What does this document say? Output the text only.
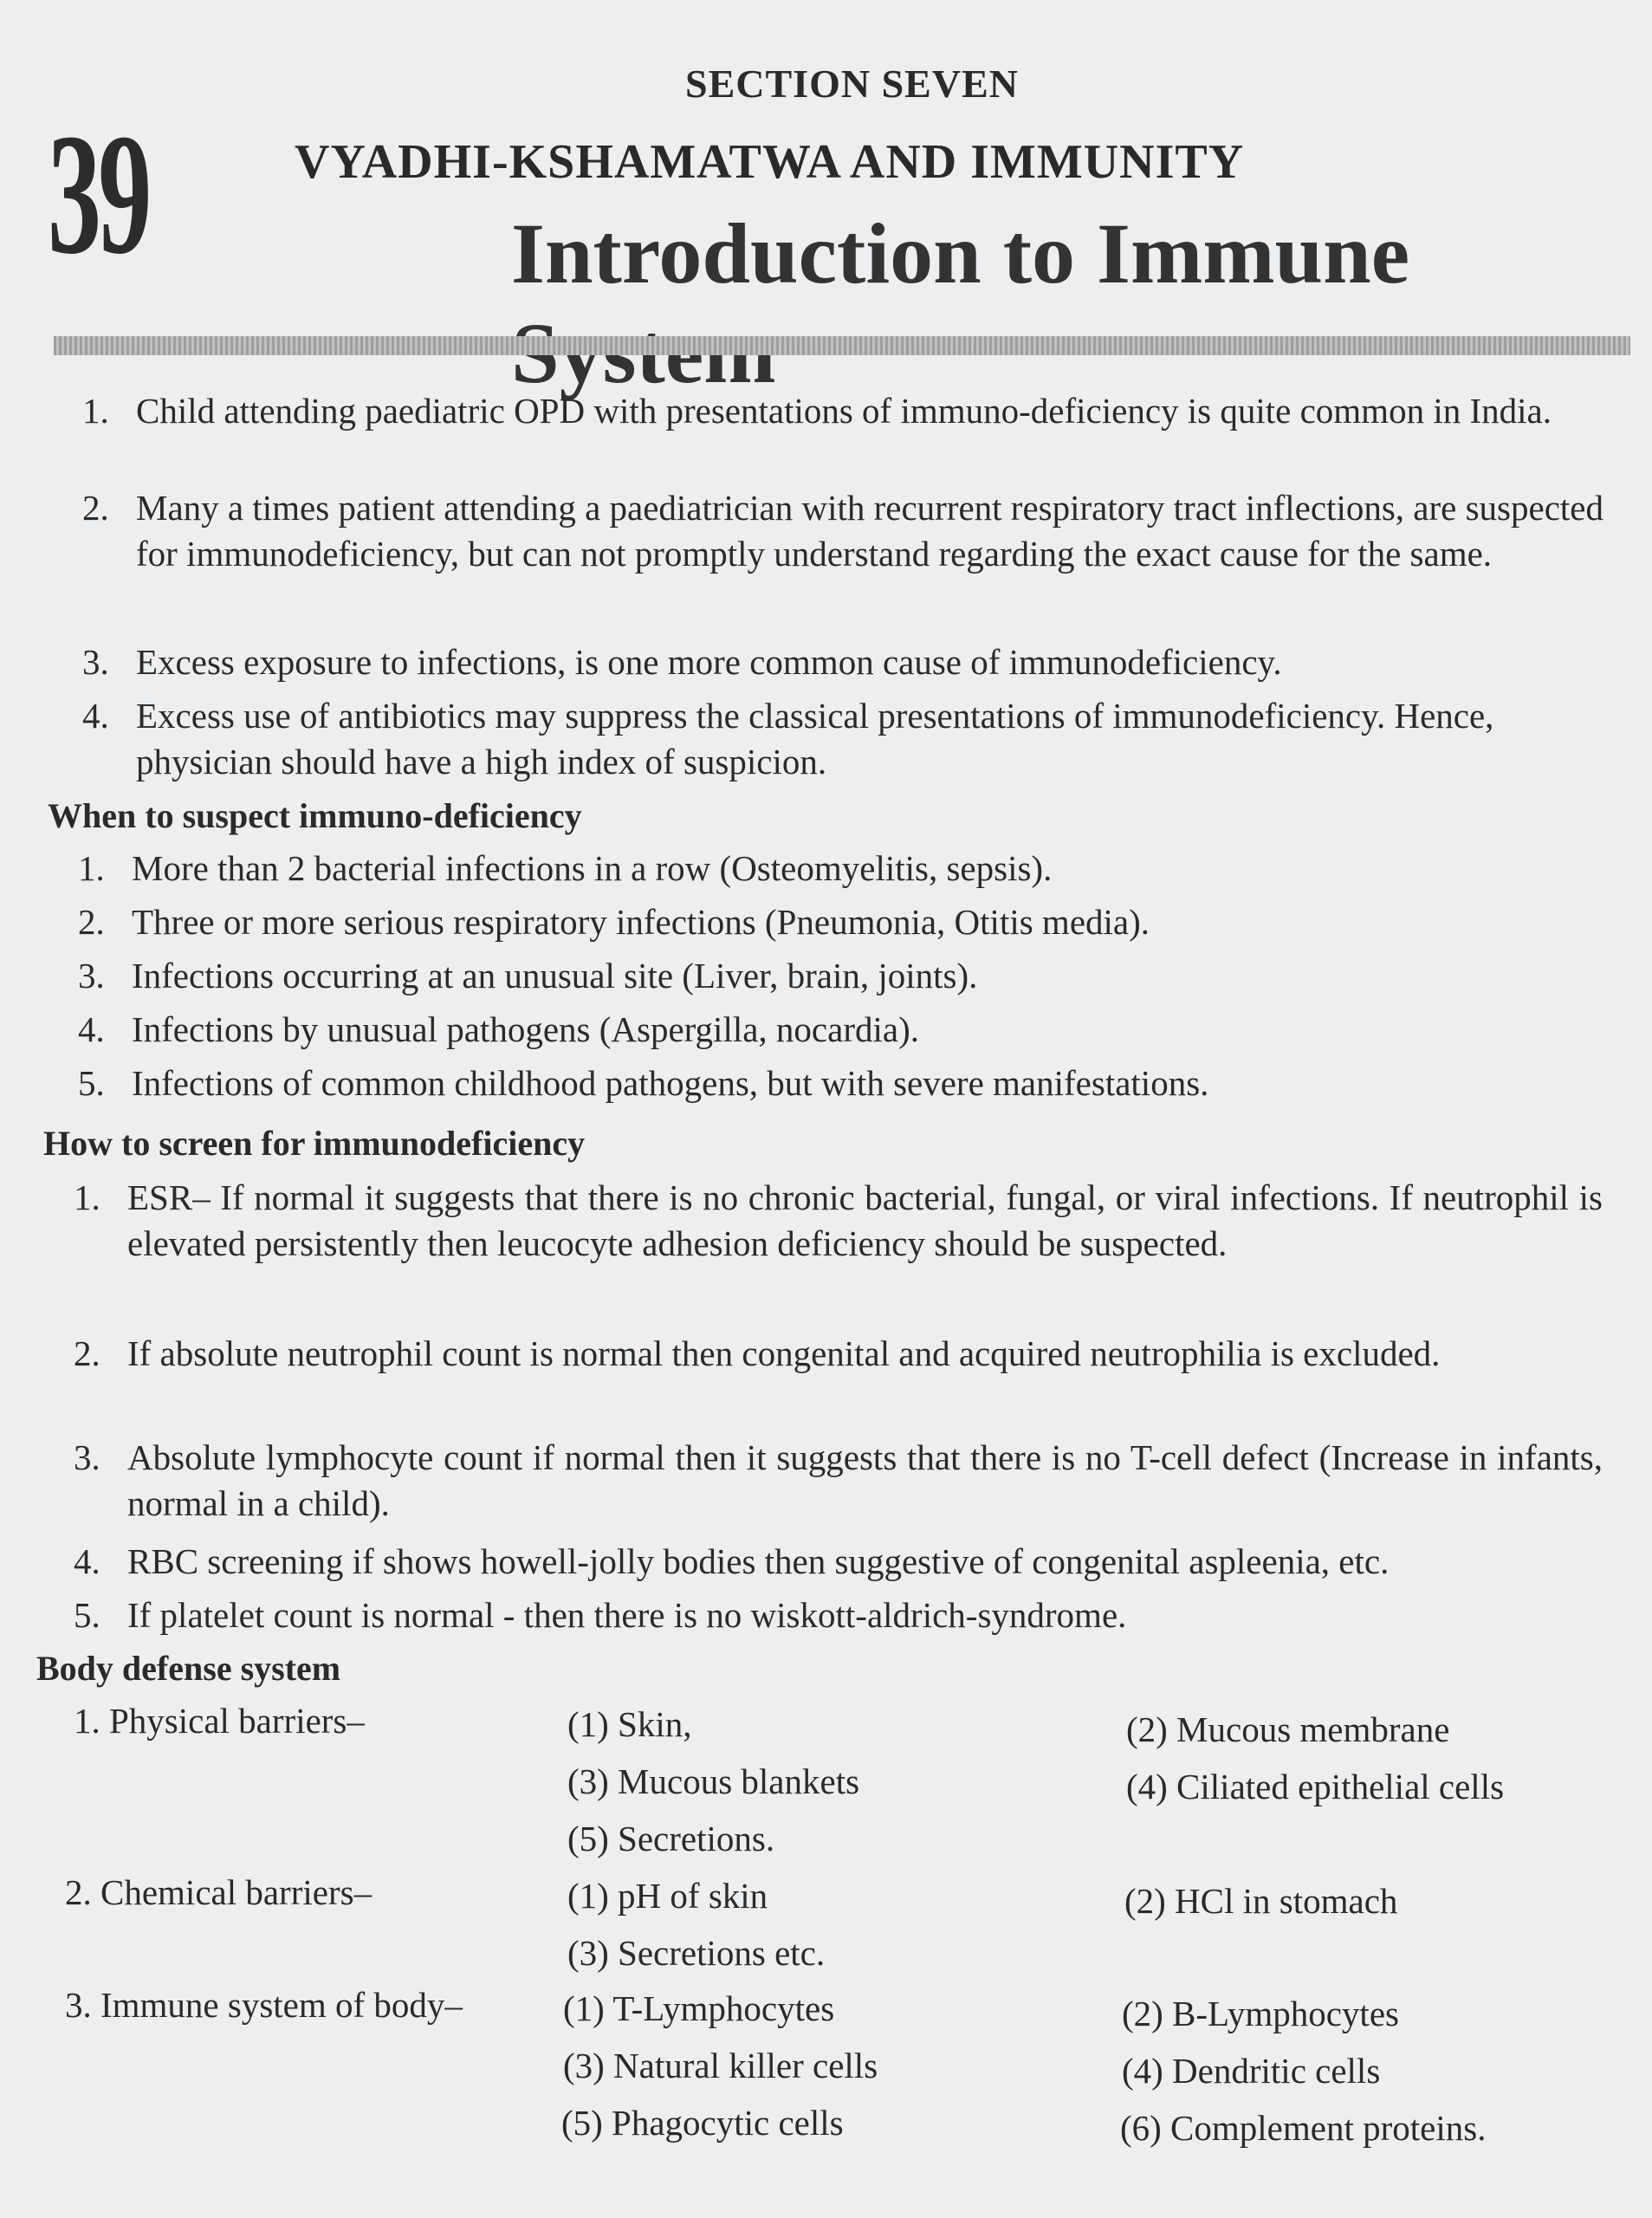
SECTION SEVEN
39	VYADHI-KSHAMATWA AND IMMUNITY
Introduction to Immune
1. Child attending paediatric OPD with presentations of immuno-deficiency is quite common in India.
2. Many a times patient attending a paediatrician with recurrent respiratory tract inflections, are suspected for immunodeficiency, but can not promptly understand regarding the exact cause for the same.
3. Excess exposure to infections, is one more common cause of immunodeficiency.
4. Excess use of antibiotics may suppress the classical presentations of immunodeficiency. Hence, physician should have a high index of suspicion.
When to suspect immuno-deficiency
1. More than 2 bacterial infections in a row (Osteomyelitis, sepsis).
2. Three or more serious respiratory infections (Pneumonia, Otitis media).
3. Infections occurring at an unusual site (Liver, brain, joints).
4. Infections by unusual pathogens (Aspergilla, nocardia).
5. Infections of common childhood pathogens, but with severe manifestations.
How to screen for immunodeficiency
1. ESR– If normal it suggests that there is no chronic bacterial, fungal, or viral infections. If neutrophil is elevated persistently then leucocyte adhesion deficiency should be suspected.
2. If absolute neutrophil count is normal then congenital and acquired neutrophilia is excluded.
3. Absolute lymphocyte count if normal then it suggests that there is no T-cell defect (Increase in infants, normal in a child).
4. RBC screening if shows howell-jolly bodies then suggestive of congenital aspleenia, etc.
5. If platelet count is normal - then there is no wiskott-aldrich-syndrome.
Body defense system
1. Physical barriers–	(1) Skin,	(2) Mucous membrane
(3) Mucous blankets	(4) Ciliated epithelial cells
(5) Secretions.
2. Chemical barriers–	(1) pH of skin	(2) HCl in stomach
(3) Secretions etc.
3. Immune system of body–	(1) T-Lymphocytes	(2) B-Lymphocytes
(3) Natural killer cells	(4) Dendritic cells
(5) Phagocytic cells	(6) Complement proteins.
